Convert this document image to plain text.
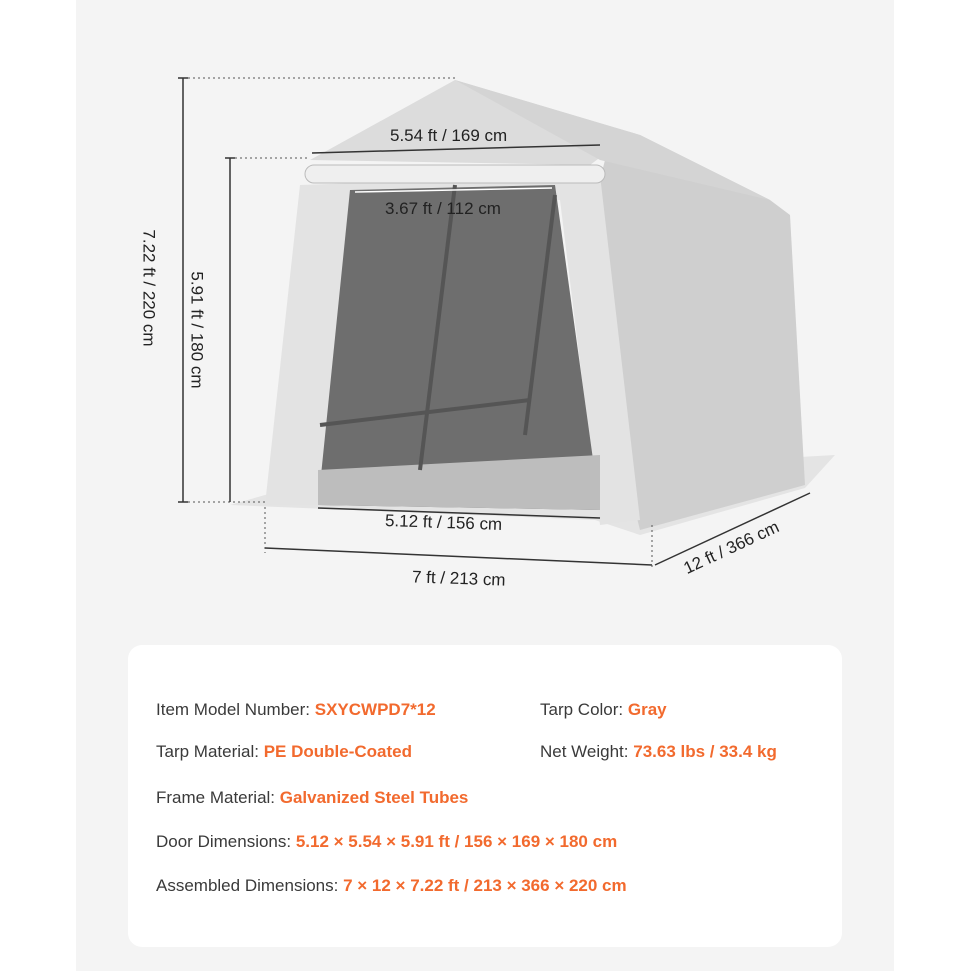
5.54 ft / 169 cm
3.67 ft / 112 cm
7.22 ft / 220 cm 5.91 ft / 180 cm
5.12 ft / 156 cm
7 ft / 213 cm
12 ft / 366 cm
Item Model Number: SXYCWPD7*12	Tarp Color: Gray
Tarp Material: PE Double-Coated	Net Weight: 73.63 lbs / 33.4 kg
Frame Material: Galvanized Steel Tubes
Door Dimensions: 5.12 × 5.54 × 5.91 ft / 156 × 169 × 180 cm
Assembled Dimensions: 7 × 12 × 7.22 ft / 213 × 366 × 220 cm
